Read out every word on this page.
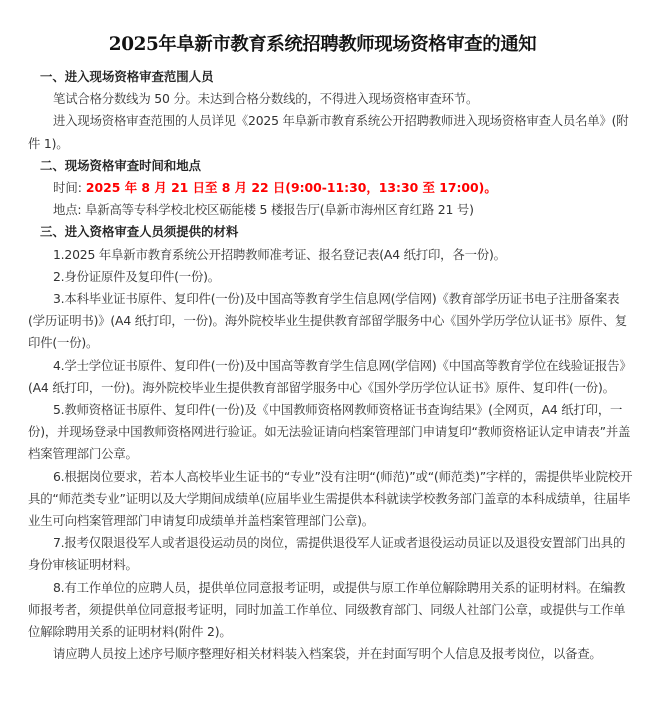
2025年阜新市教育系统招聘教师现场资格审查的通知
一、进入现场资格审查范围人员

笔试合格分数线为 50 分。未达到合格分数线的，不得进入现场资格审查环节。

进入现场资格审查范围的人员详见《2025 年阜新市教育系统公开招聘教师进入现场资格审查人员名单》(附件 1)。

二、现场资格审查时间和地点
时间: 2025 年 8 月 21 日至 8 月 22 日(9:00-11:30，13:30 至 17:00)。
地点: 阜新高等专科学校北校区砺能楼 5 楼报告厅(阜新市海州区育红路 21 号)
三、进入资格审查人员须提供的材料

1.2025 年阜新市教育系统公开招聘教师准考证、报名登记表(A4 纸打印，各一份)。

2.身份证原件及复印件(一份)。

3.本科毕业证书原件、复印件(一份)及中国高等教育学生信息网(学信网)《教育部学历证书电子注册备案表(学历证明书)》(A4 纸打印，一份)。海外院校毕业生提供教育部留学服务中心《国外学历学位认证书》原件、复印件(一份)。

4.学士学位证书原件、复印件(一份)及中国高等教育学生信息网(学信网)《中国高等教育学位在线验证报告》(A4 纸打印，一份)。海外院校毕业生提供教育部留学服务中心《国外学历学位认证书》原件、复印件(一份)。

5.教师资格证书原件、复印件(一份)及《中国教师资格网教师资格证书查询结果》(全网页，A4 纸打印，一份)，并现场登录中国教师资格网进行验证。如无法验证请向档案管理部门申请复印“教师资格证认定申请表”并盖档案管理部门公章。

6.根据岗位要求，若本人高校毕业生证书的“专业”没有注明“(师范)”或“(师范类)”字样的，需提供毕业院校开具的“师范类专业”证明以及大学期间成绩单(应届毕业生需提供本科就读学校教务部门盖章的本科成绩单，往届毕业生可向档案管理部门申请复印成绩单并盖档案管理部门公章)。

7.报考仅限退役军人或者退役运动员的岗位，需提供退役军人证或者退役运动员证以及退役安置部门出具的身份审核证明材料。

8.有工作单位的应聘人员，提供单位同意报考证明，或提供与原工作单位解除聘用关系的证明材料。在编教师报考者，须提供单位同意报考证明，同时加盖工作单位、同级教育部门、同级人社部门公章，或提供与工作单位解除聘用关系的证明材料(附件 2)。

请应聘人员按上述序号顺序整理好相关材料装入档案袋，并在封面写明个人信息及报考岗位，以备查。
